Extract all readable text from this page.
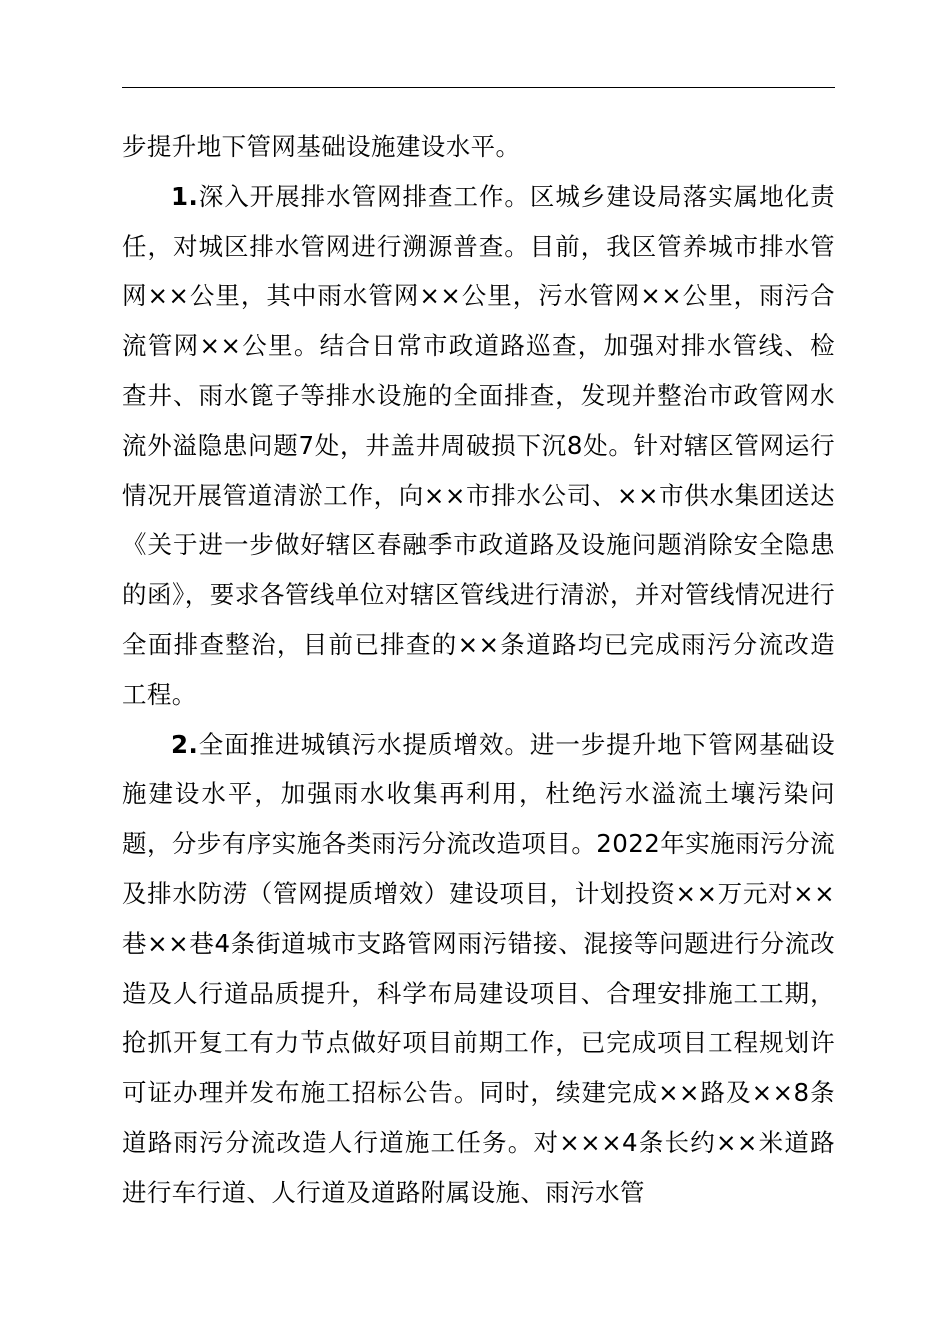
步提升地下管网基础设施建设水平。

1.深入开展排水管网排查工作。区城乡建设局落实属地化责任，对城区排水管网进行溯源普查。目前，我区管养城市排水管网××公里，其中雨水管网××公里，污水管网××公里，雨污合流管网××公里。结合日常市政道路巡查，加强对排水管线、检查井、雨水篦子等排水设施的全面排查，发现并整治市政管网水流外溢隐患问题7处，井盖井周破损下沉8处。针对辖区管网运行情况开展管道清淤工作，向××市排水公司、××市供水集团送达《关于进一步做好辖区春融季市政道路及设施问题消除安全隐患的函》，要求各管线单位对辖区管线进行清淤，并对管线情况进行全面排查整治，目前已排查的××条道路均已完成雨污分流改造工程。

2.全面推进城镇污水提质增效。进一步提升地下管网基础设施建设水平，加强雨水收集再利用，杜绝污水溢流土壤污染问题，分步有序实施各类雨污分流改造项目。2022年实施雨污分流及排水防涝（管网提质增效）建设项目，计划投资××万元对××巷××巷4条街道城市支路管网雨污错接、混接等问题进行分流改造及人行道品质提升，科学布局建设项目、合理安排施工工期，抢抓开复工有力节点做好项目前期工作，已完成项目工程规划许可证办理并发布施工招标公告。同时，续建完成××路及××8条道路雨污分流改造人行道施工任务。对×××4条长约××米道路进行车行道、人行道及道路附属设施、雨污水管
